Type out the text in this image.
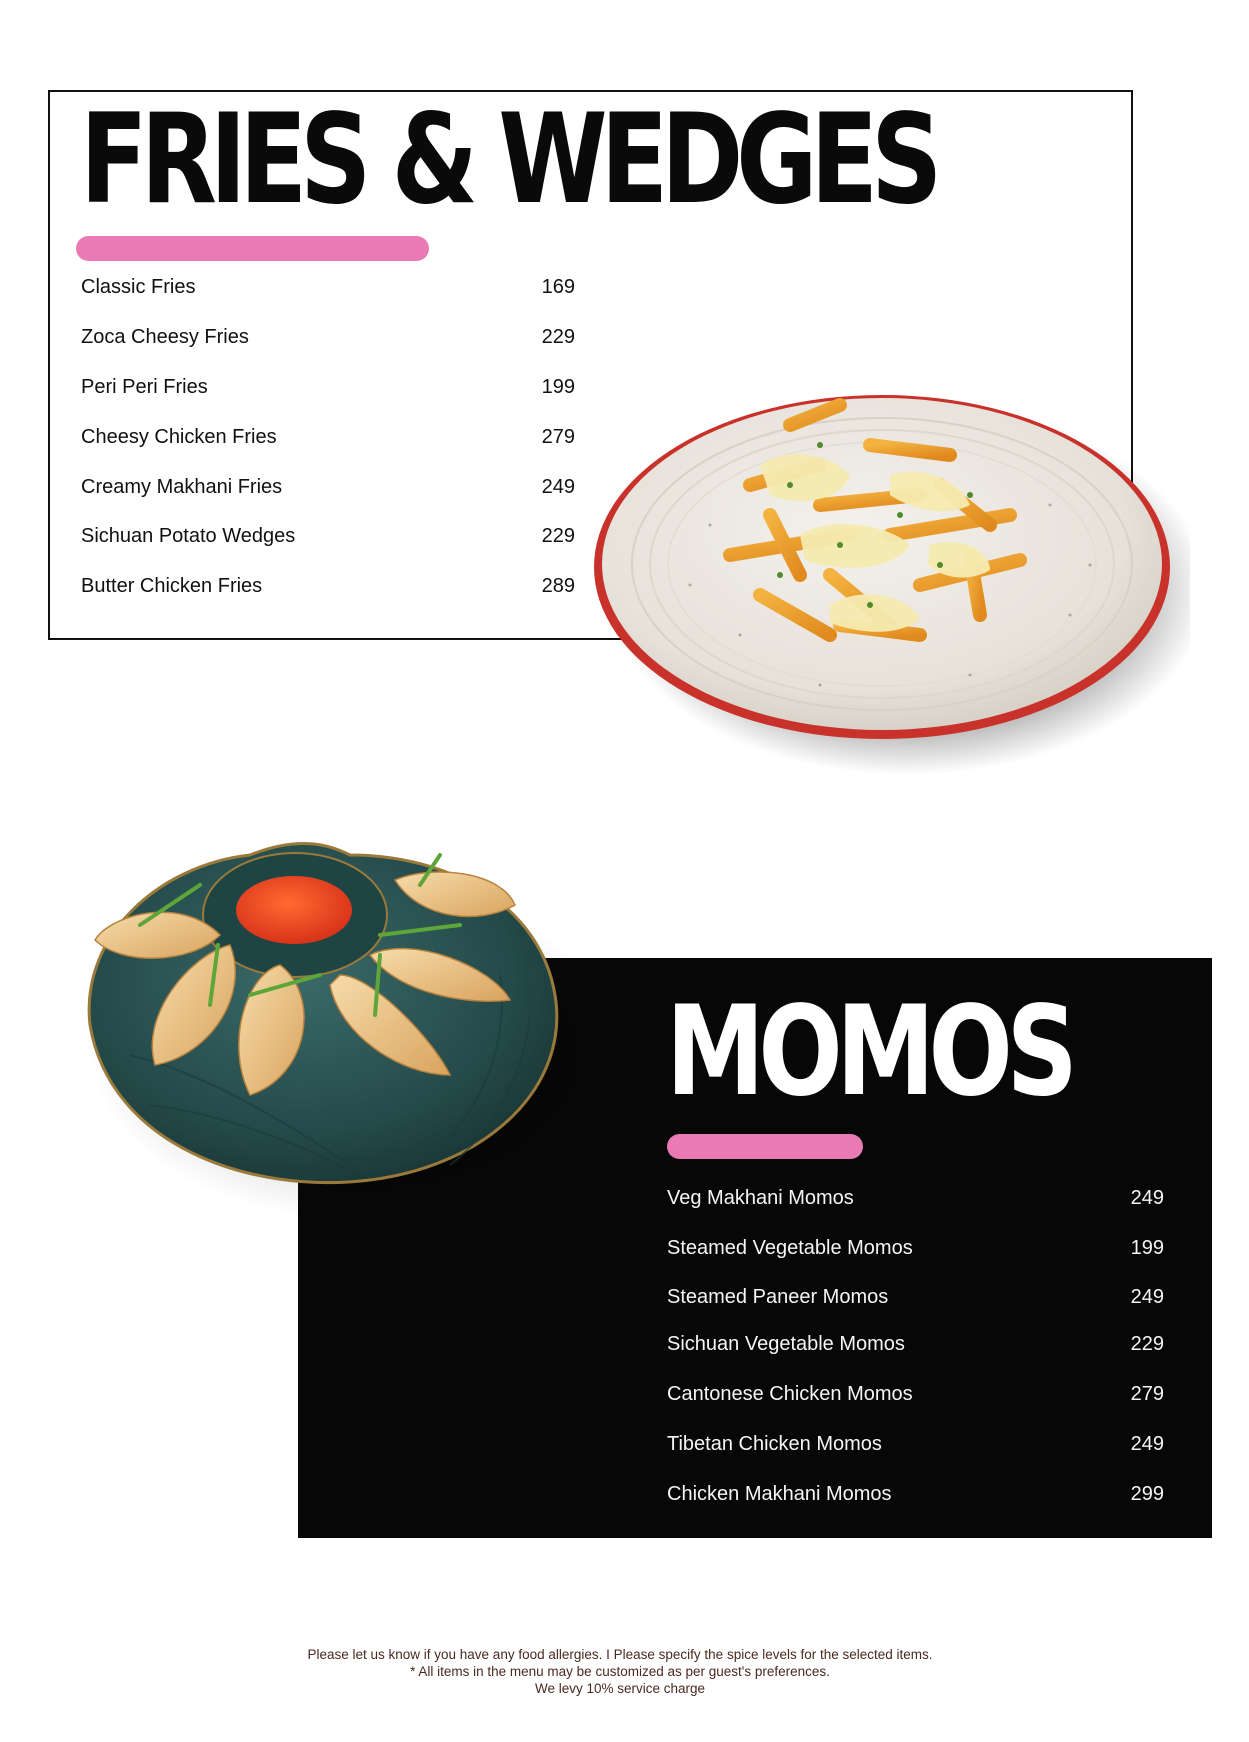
FRIES & WEDGES
Classic Fries	169
Zoca Cheesy Fries	229
Peri Peri Fries	199
Cheesy Chicken Fries	279
Creamy Makhani Fries	249
Sichuan Potato Wedges	229
Butter Chicken Fries	289
MOMOS
Veg Makhani Momos	249
Steamed Vegetable Momos	199
Steamed Paneer Momos	249
Sichuan Vegetable Momos	229
Cantonese Chicken Momos	279
Tibetan Chicken Momos	249
Chicken Makhani Momos	299
Please let us know if you have any food allergies. I Please specify the spice levels for the selected items.
* All items in the menu may be customized as per guest's preferences.
We levy 10% service charge
